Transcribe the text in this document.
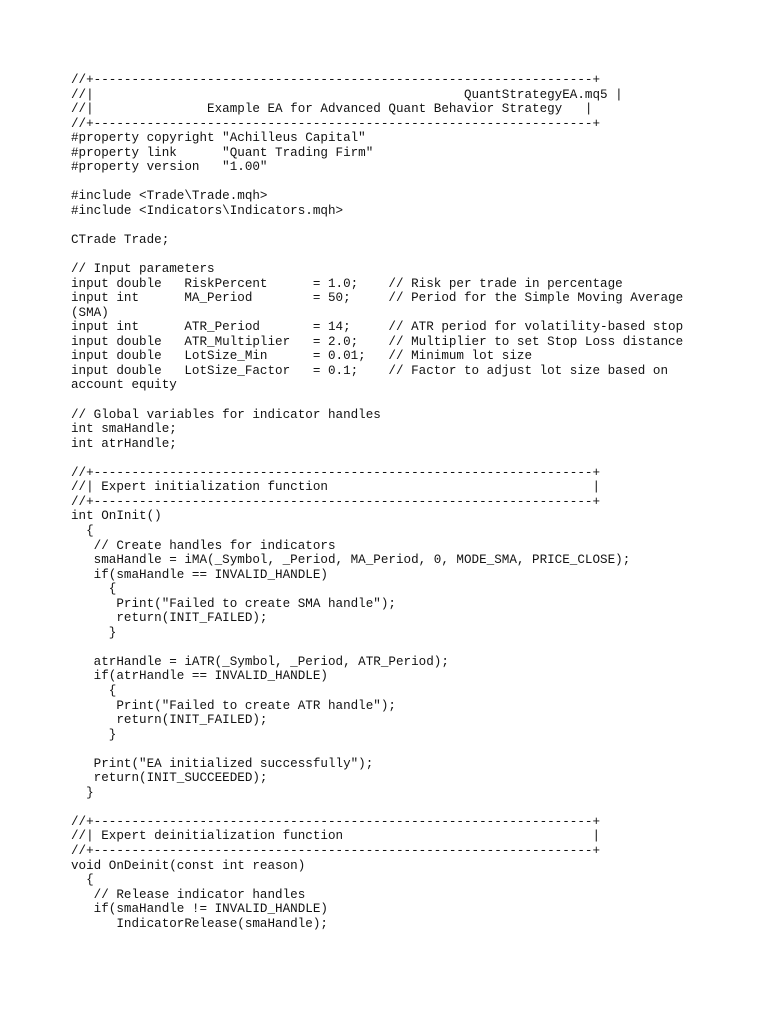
//+------------------------------------------------------------------+
//|                                                 QuantStrategyEA.mq5 |
//|               Example EA for Advanced Quant Behavior Strategy   |
//+------------------------------------------------------------------+
#property copyright "Achilleus Capital"
#property link      "Quant Trading Firm"
#property version   "1.00"
#include <Trade\Trade.mqh>
#include <Indicators\Indicators.mqh>
CTrade Trade;
// Input parameters
input double   RiskPercent      = 1.0;    // Risk per trade in percentage
input int      MA_Period        = 50;     // Period for the Simple Moving Average
(SMA)
input int      ATR_Period       = 14;     // ATR period for volatility-based stop
input double   ATR_Multiplier   = 2.0;    // Multiplier to set Stop Loss distance
input double   LotSize_Min      = 0.01;   // Minimum lot size
input double   LotSize_Factor   = 0.1;    // Factor to adjust lot size based on
account equity
// Global variables for indicator handles
int smaHandle;
int atrHandle;
//+------------------------------------------------------------------+
//| Expert initialization function                                   |
//+------------------------------------------------------------------+
int OnInit()
{
// Create handles for indicators
smaHandle = iMA(_Symbol, _Period, MA_Period, 0, MODE_SMA, PRICE_CLOSE);
if(smaHandle == INVALID_HANDLE)
{
Print("Failed to create SMA handle");
return(INIT_FAILED);
}
atrHandle = iATR(_Symbol, _Period, ATR_Period);
if(atrHandle == INVALID_HANDLE)
{
Print("Failed to create ATR handle");
return(INIT_FAILED);
}
Print("EA initialized successfully");
return(INIT_SUCCEEDED);
}
//+------------------------------------------------------------------+
//| Expert deinitialization function                                 |
//+------------------------------------------------------------------+
void OnDeinit(const int reason)
{
// Release indicator handles
if(smaHandle != INVALID_HANDLE)
IndicatorRelease(smaHandle);
